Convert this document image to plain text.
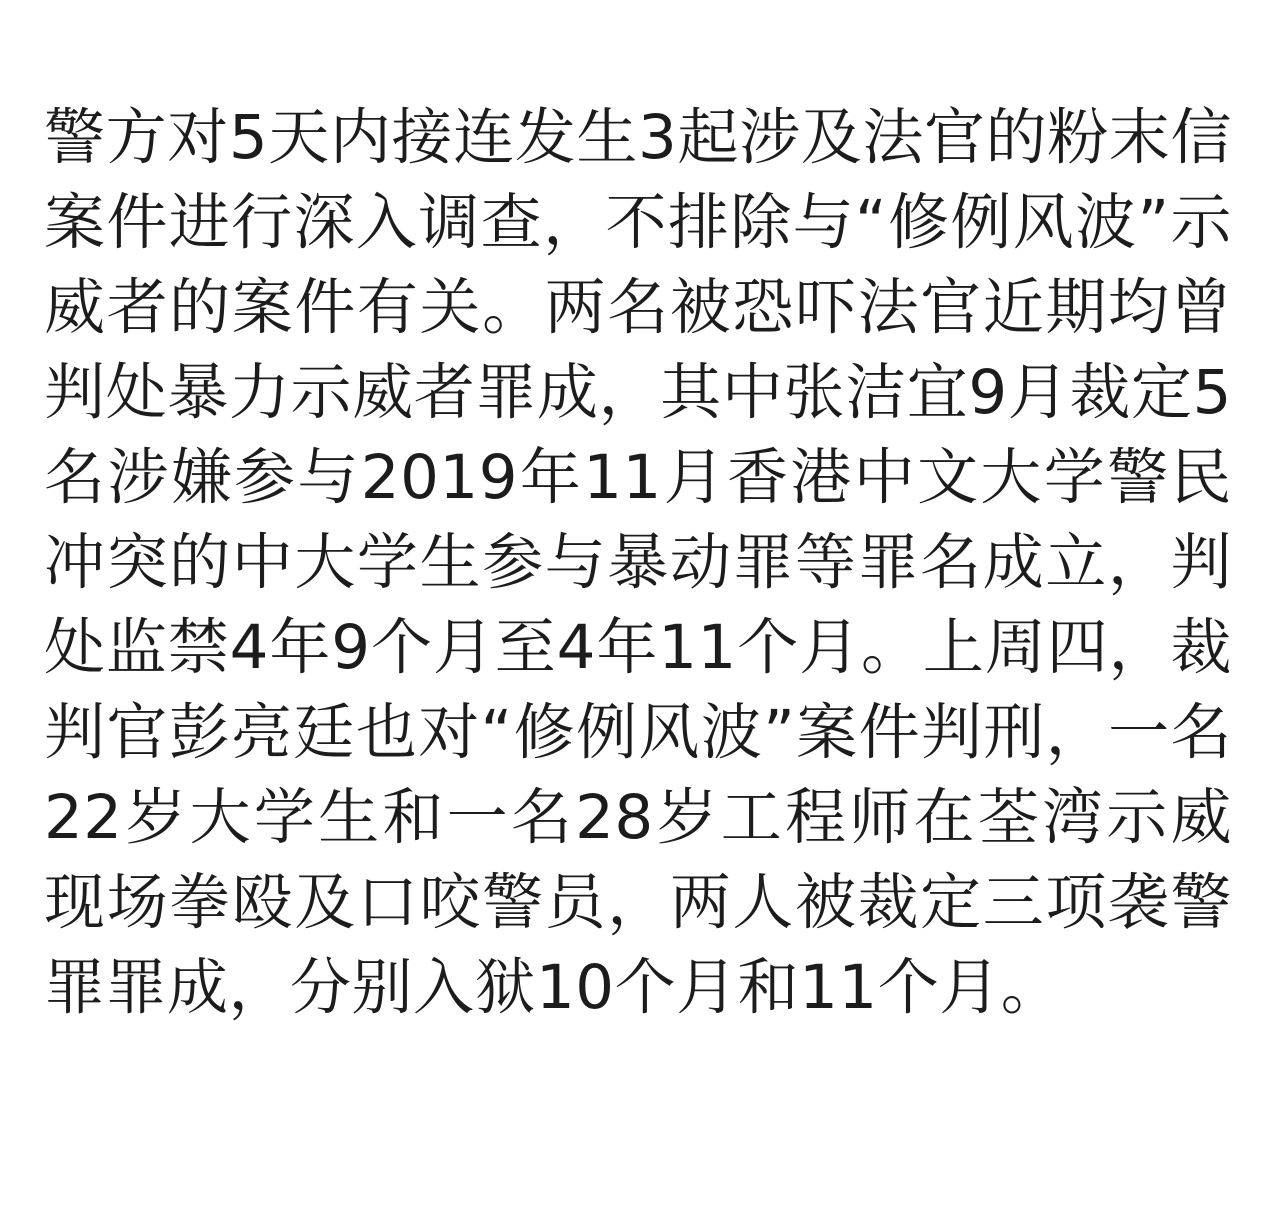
警方对5天内接连发生3起涉及法官的粉末信案件进行深入调查，不排除与“修例风波”示威者的案件有关。两名被恐吓法官近期均曾判处暴力示威者罪成，其中张洁宜9月裁定5名涉嫌参与2019年11月香港中文大学警民冲突的中大学生参与暴动罪等罪名成立，判处监禁4年9个月至4年11个月。上周四，裁判官彭亮廷也对“修例风波”案件判刑，一名22岁大学生和一名28岁工程师在荃湾示威现场拳殴及口咬警员，两人被裁定三项袭警罪罪成，分别入狱10个月和11个月。
